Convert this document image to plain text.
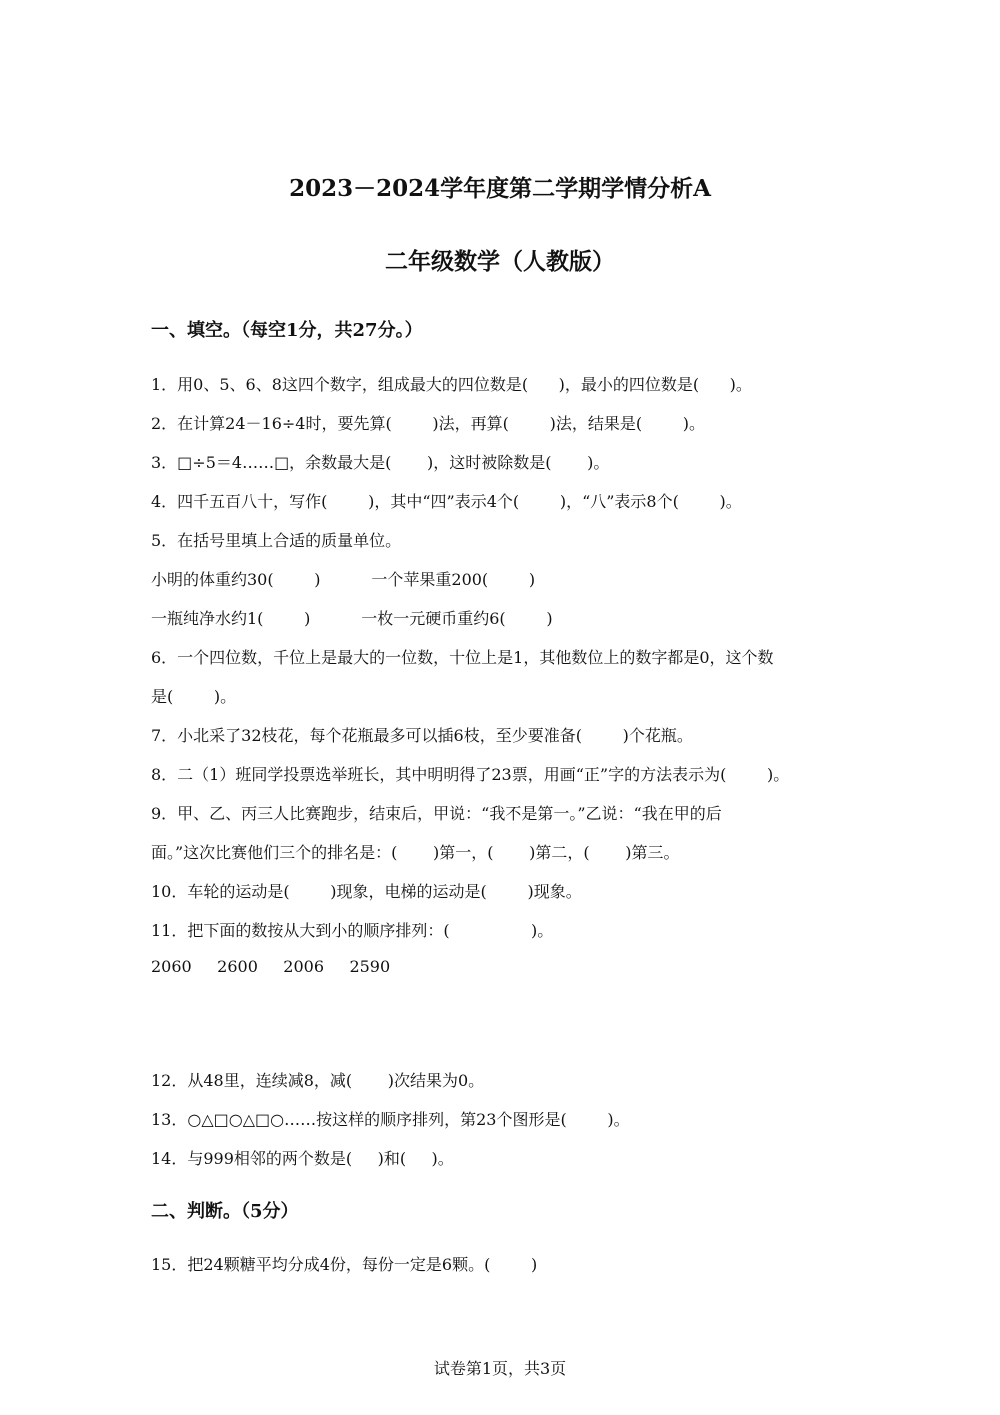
2023－2024学年度第二学期学情分析A
二年级数学（人教版）
一、填空。（每空1分，共27分。）
1．用0、5、6、8这四个数字，组成最大的四位数是(      )，最小的四位数是(      )。
2．在计算24－16÷4时，要先算(        )法，再算(        )法，结果是(        )。
3．□÷5＝4……□，余数最大是(       )，这时被除数是(       )。
4．四千五百八十，写作(        )，其中“四”表示4个(        )，“八”表示8个(        )。
5．在括号里填上合适的质量单位。
小明的体重约30(        )          一个苹果重200(        )
一瓶纯净水约1(        )          一枚一元硬币重约6(        )
6．一个四位数，千位上是最大的一位数，十位上是1，其他数位上的数字都是0，这个数
是(        )。
7．小北采了32枝花，每个花瓶最多可以插6枝，至少要准备(        )个花瓶。
8．二（1）班同学投票选举班长，其中明明得了23票，用画“正”字的方法表示为(        )。
9．甲、乙、丙三人比赛跑步，结束后，甲说：“我不是第一。”乙说：“我在甲的后
面。”这次比赛他们三个的排名是：(       )第一，(       )第二，(       )第三。
10．车轮的运动是(        )现象，电梯的运动是(        )现象。
11．把下面的数按从大到小的顺序排列：(                )。
2060     2600     2006     2590
12．从48里，连续减8，减(       )次结果为0。
13．○△□○△□○……按这样的顺序排列，第23个图形是(        )。
14．与999相邻的两个数是(     )和(     )。
二、判断。（5分）
15．把24颗糖平均分成4份，每份一定是6颗。(        )
试卷第1页，共3页
